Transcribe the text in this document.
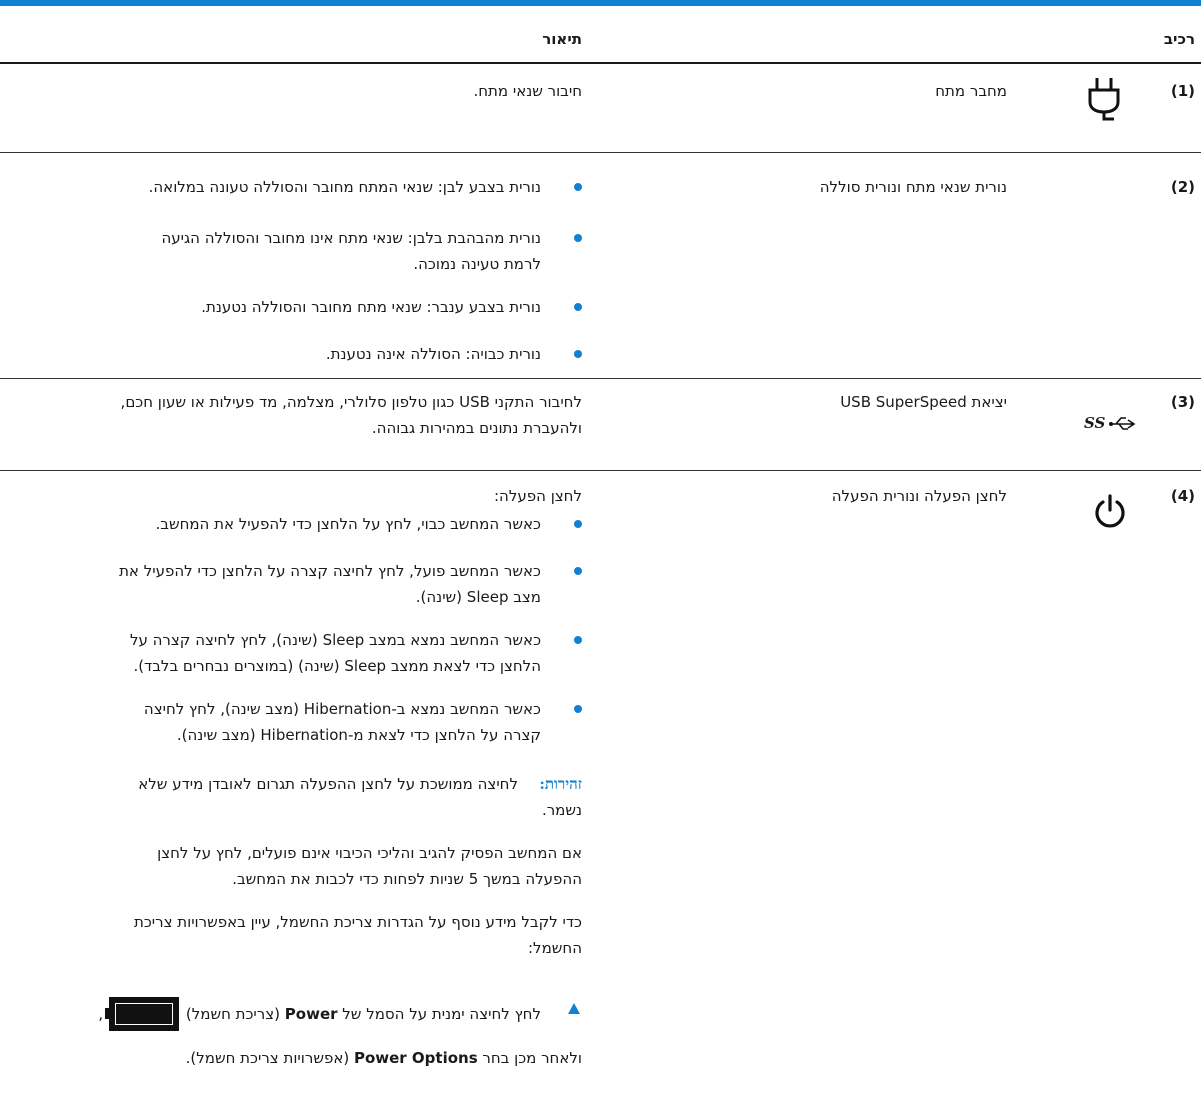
רכיב
תיאור
(1)
מחבר מתח
חיבור שנאי מתח.
(2)
נורית שנאי מתח ונורית סוללה
נורית בצבע לבן: שנאי המתח מחובר והסוללה טעונה במלואה.
נורית מהבהבת בלבן: שנאי מתח אינו מחובר והסוללה הגיעה
לרמת טעינה נמוכה.
נורית בצבע ענבר: שנאי מתח מחובר והסוללה נטענת.
נורית כבויה: הסוללה אינה נטענת.
(3)
SS
יציאת USB SuperSpeed
לחיבור התקני USB כגון טלפון סלולרי, מצלמה, מד פעילות או שעון חכם,
ולהעברת נתונים במהירות גבוהה.
(4)
לחצן הפעלה ונורית הפעלה
לחצן הפעלה:
כאשר המחשב כבוי, לחץ על הלחצן כדי להפעיל את המחשב.
כאשר המחשב פועל, לחץ לחיצה קצרה על הלחצן כדי להפעיל את
מצב Sleep (שינה).
כאשר המחשב נמצא במצב Sleep (שינה), לחץ לחיצה קצרה על
הלחצן כדי לצאת ממצב Sleep (שינה) (במוצרים נבחרים בלבד).
כאשר המחשב נמצא ב-Hibernation (מצב שינה), לחץ לחיצה
קצרה על הלחצן כדי לצאת מ-Hibernation (מצב שינה).
זהירות:
לחיצה ממושכת על לחצן ההפעלה תגרום לאובדן מידע שלא
נשמר.
אם המחשב הפסיק להגיב והליכי הכיבוי אינם פועלים, לחץ על לחצן
ההפעלה במשך 5 שניות לפחות כדי לכבות את המחשב.
כדי לקבל מידע נוסף על הגדרות צריכת החשמל, עיין באפשרויות צריכת
החשמל:
לחץ לחיצה ימנית על הסמל של
Power
(צריכת חשמל)
,
ולאחר מכן בחר Power Options (אפשרויות צריכת חשמל).
